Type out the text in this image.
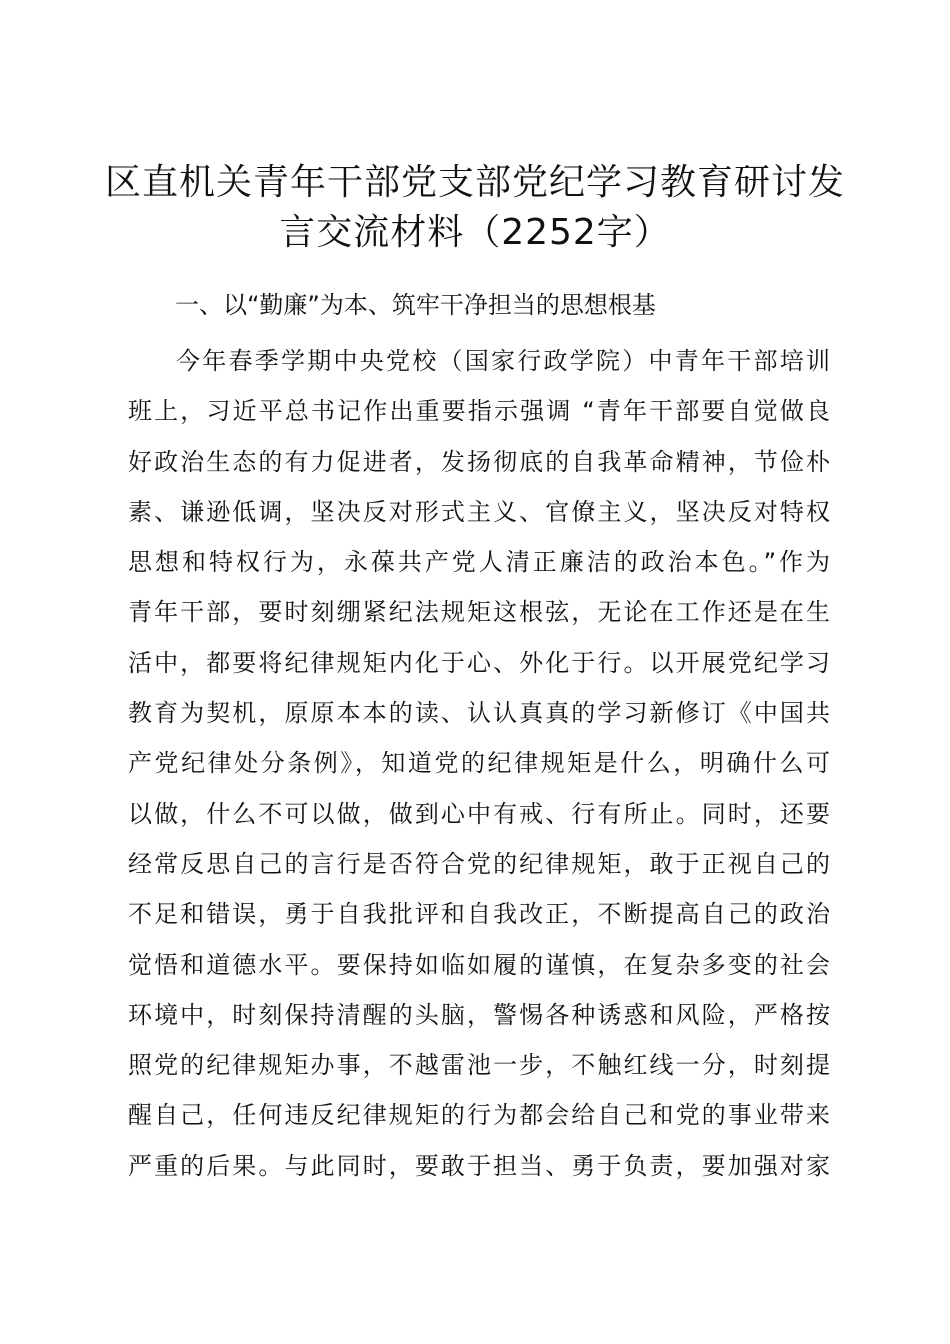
区直机关青年干部党支部党纪学习教育研讨发
言交流材料（2252字）

一、以“勤廉”为本、筑牢干净担当的思想根基

今年春季学期中央党校（国家行政学院）中青年干部培训
班上，习近平总书记作出重要指示强调 “青年干部要自觉做良
好政治生态的有力促进者，发扬彻底的自我革命精神，节俭朴
素、谦逊低调，坚决反对形式主义、官僚主义，坚决反对特权
思想和特权行为，永葆共产党人清正廉洁的政治本色。”作为
青年干部，要时刻绷紧纪法规矩这根弦，无论在工作还是在生
活中，都要将纪律规矩内化于心、外化于行。以开展党纪学习
教育为契机，原原本本的读、认认真真的学习新修订《中国共
产党纪律处分条例》，知道党的纪律规矩是什么，明确什么可
以做，什么不可以做，做到心中有戒、行有所止。同时，还要
经常反思自己的言行是否符合党的纪律规矩，敢于正视自己的
不足和错误，勇于自我批评和自我改正，不断提高自己的政治
觉悟和道德水平。要保持如临如履的谨慎，在复杂多变的社会
环境中，时刻保持清醒的头脑，警惕各种诱惑和风险，严格按
照党的纪律规矩办事，不越雷池一步，不触红线一分，时刻提
醒自己，任何违反纪律规矩的行为都会给自己和党的事业带来
严重的后果。与此同时，要敢于担当、勇于负责，要加强对家
